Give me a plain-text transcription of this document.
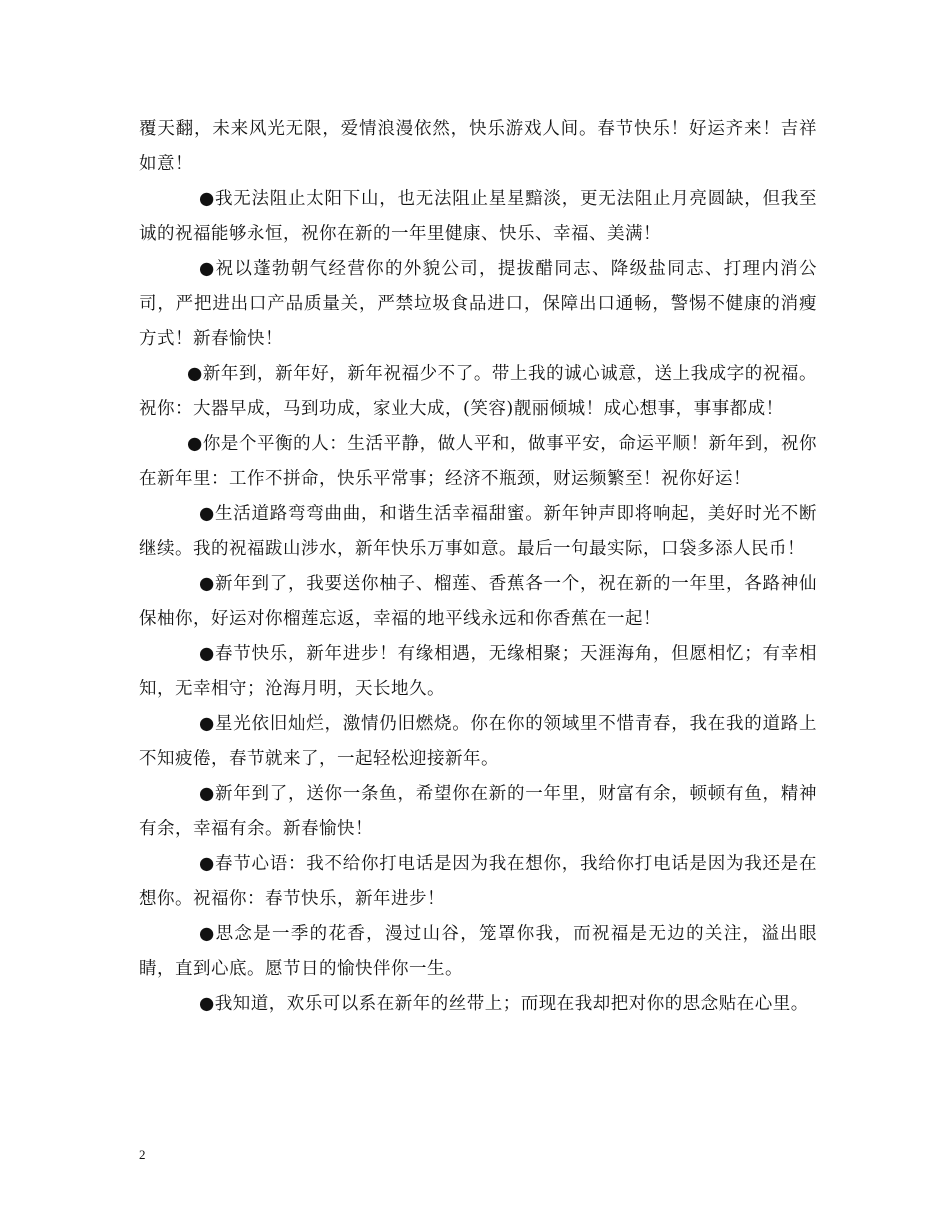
覆天翻，未来风光无限，爱情浪漫依然，快乐游戏人间。春节快乐！好运齐来！吉祥如意！

●我无法阻止太阳下山，也无法阻止星星黯淡，更无法阻止月亮圆缺，但我至诚的祝福能够永恒，祝你在新的一年里健康、快乐、幸福、美满！

●祝以蓬勃朝气经营你的外貌公司，提拔醋同志、降级盐同志、打理内消公司，严把进出口产品质量关，严禁垃圾食品进口，保障出口通畅，警惕不健康的消瘦方式！新春愉快！

●新年到，新年好，新年祝福少不了。带上我的诚心诚意，送上我成字的祝福。祝你：大器早成，马到功成，家业大成，(笑容)靓丽倾城！成心想事，事事都成！

●你是个平衡的人：生活平静，做人平和，做事平安，命运平顺！新年到，祝你在新年里：工作不拼命，快乐平常事；经济不瓶颈，财运频繁至！祝你好运！

●生活道路弯弯曲曲，和谐生活幸福甜蜜。新年钟声即将响起，美好时光不断继续。我的祝福跋山涉水，新年快乐万事如意。最后一句最实际，口袋多添人民币！

●新年到了，我要送你柚子、榴莲、香蕉各一个，祝在新的一年里，各路神仙保柚你，好运对你榴莲忘返，幸福的地平线永远和你香蕉在一起！

●春节快乐，新年进步！有缘相遇，无缘相聚；天涯海角，但愿相忆；有幸相知，无幸相守；沧海月明，天长地久。

●星光依旧灿烂，激情仍旧燃烧。你在你的领域里不惜青春，我在我的道路上不知疲倦，春节就来了，一起轻松迎接新年。

●新年到了，送你一条鱼，希望你在新的一年里，财富有余，顿顿有鱼，精神有余，幸福有余。新春愉快！

●春节心语：我不给你打电话是因为我在想你，我给你打电话是因为我还是在想你。祝福你：春节快乐，新年进步！

●思念是一季的花香，漫过山谷，笼罩你我，而祝福是无边的关注，溢出眼睛，直到心底。愿节日的愉快伴你一生。

●我知道，欢乐可以系在新年的丝带上；而现在我却把对你的思念贴在心里。

2
